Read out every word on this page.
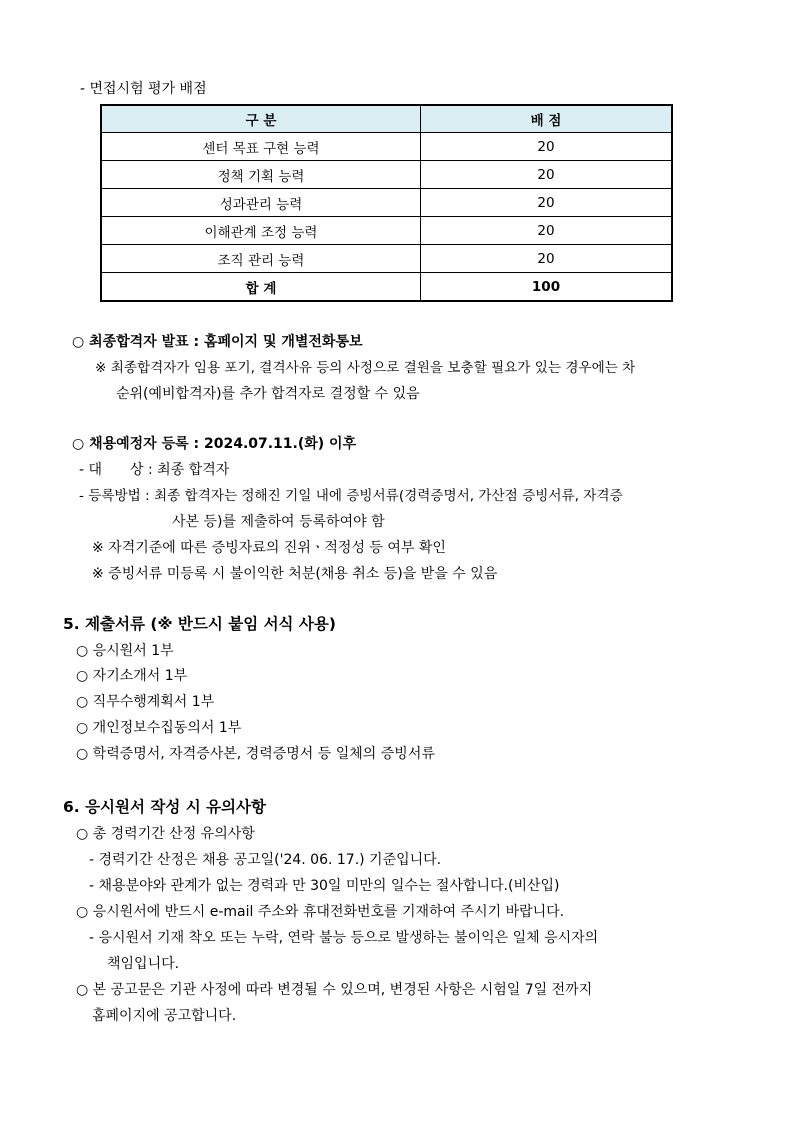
- 면접시험 평가 배점
구 분	배 점
센터 목표 구현 능력	20
정책 기획 능력	20
성과관리 능력	20
이해관계 조정 능력	20
조직 관리 능력	20
합 계	100
○ 최종합격자 발표 : 홈페이지 및 개별전화통보
※ 최종합격자가 임용 포기, 결격사유 등의 사정으로 결원을 보충할 필요가 있는 경우에는 차
순위(예비합격자)를 추가 합격자로 결정할 수 있음
○ 채용예정자 등록 : 2024.07.11.(화) 이후
- 대　　상 : 최종 합격자
- 등록방법 : 최종 합격자는 정해진 기일 내에 증빙서류(경력증명서, 가산점 증빙서류, 자격증
사본 등)를 제출하여 등록하여야 함
※ 자격기준에 따른 증빙자료의 진위ㆍ적정성 등 여부 확인
※ 증빙서류 미등록 시 불이익한 처분(채용 취소 등)을 받을 수 있음
5. 제출서류 (※ 반드시 붙임 서식 사용)
○ 응시원서 1부
○ 자기소개서 1부
○ 직무수행계획서 1부
○ 개인정보수집동의서 1부
○ 학력증명서, 자격증사본, 경력증명서 등 일체의 증빙서류
6. 응시원서 작성 시 유의사항
○ 총 경력기간 산정 유의사항
- 경력기간 산정은 채용 공고일('24. 06. 17.) 기준입니다.
- 채용분야와 관계가 없는 경력과 만 30일 미만의 일수는 절사합니다.(비산입)
○ 응시원서에 반드시 e-mail 주소와 휴대전화번호를 기재하여 주시기 바랍니다.
- 응시원서 기재 착오 또는 누락, 연락 불능 등으로 발생하는 불이익은 일체 응시자의
책임입니다.
○ 본 공고문은 기관 사정에 따라 변경될 수 있으며, 변경된 사항은 시험일 7일 전까지
홈페이지에 공고합니다.
